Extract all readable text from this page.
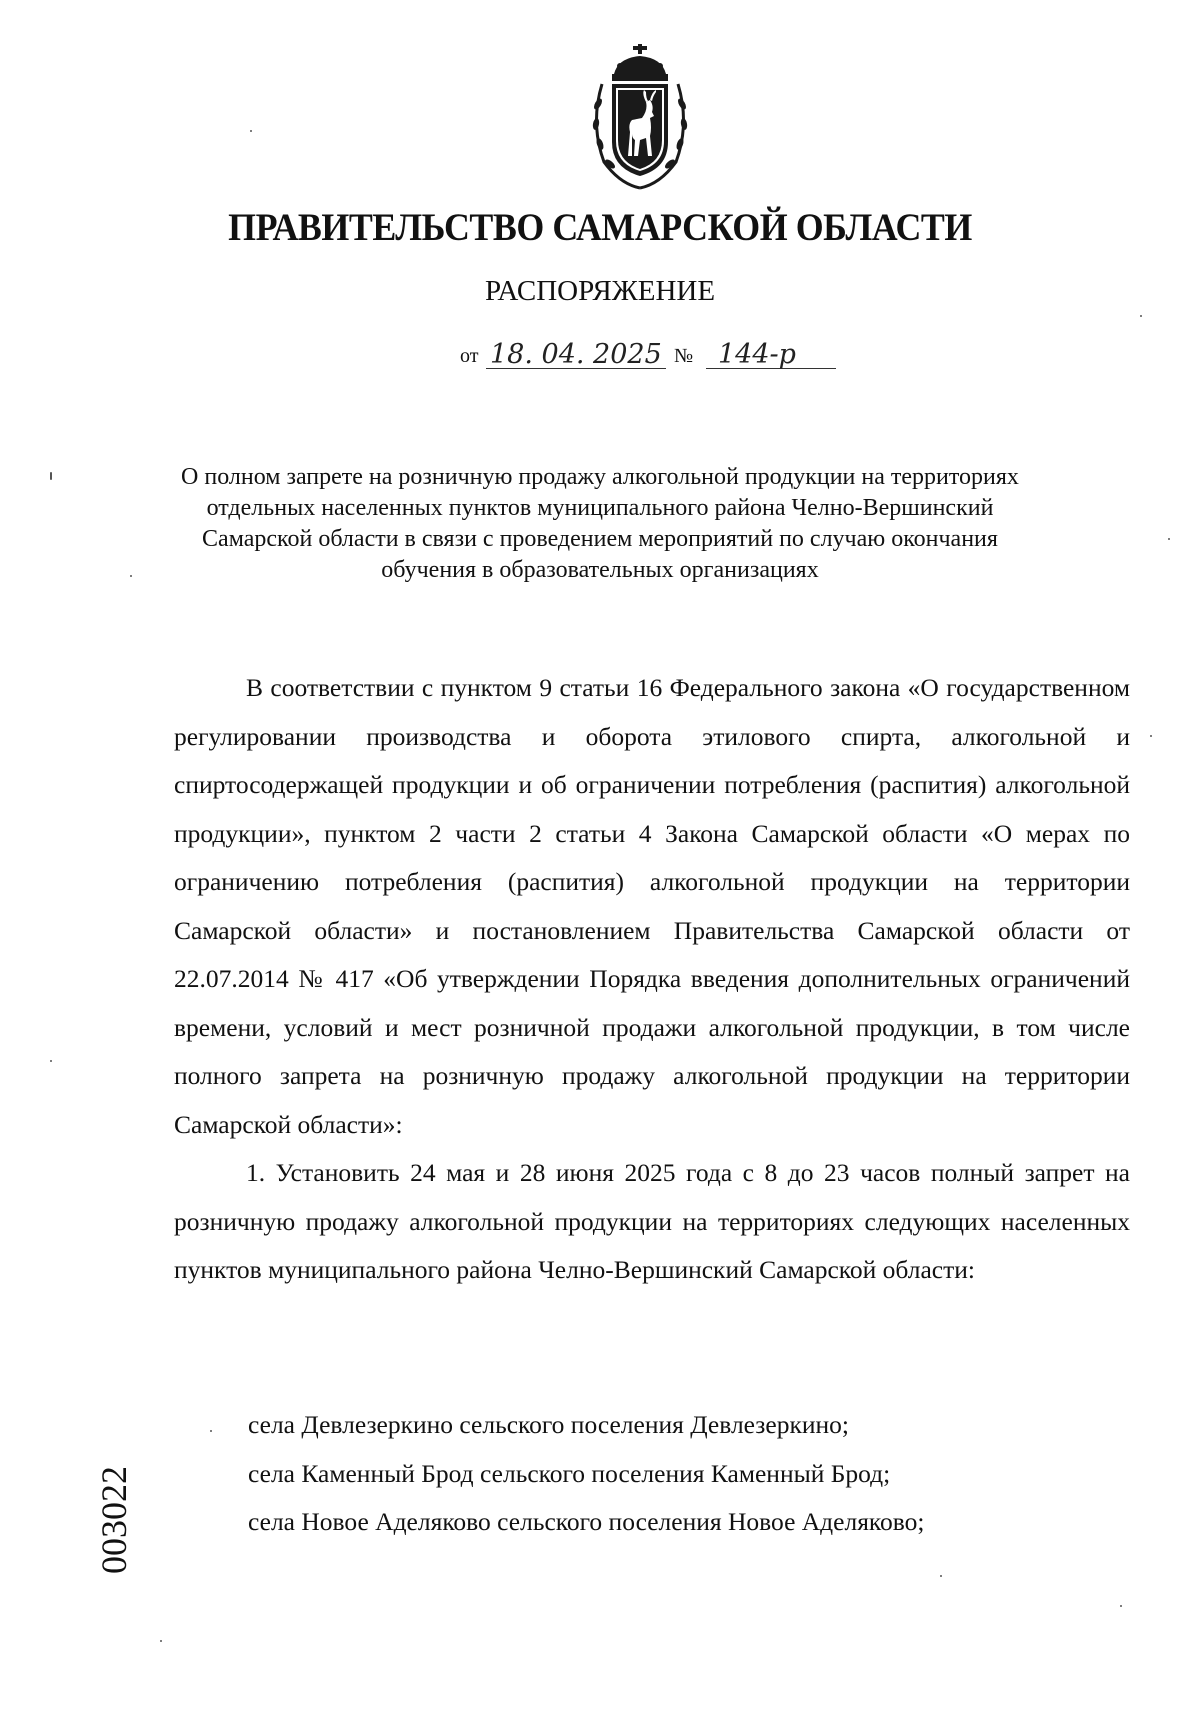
ПРАВИТЕЛЬСТВО САМАРСКОЙ ОБЛАСТИ
РАСПОРЯЖЕНИЕ
от 18. 04. 2025 № 144-р
О полном запрете на розничную продажу алкогольной продукции на территориях отдельных населенных пунктов муниципального района Челно-Вершинский Самарской области в связи с проведением мероприятий по случаю окончания обучения в образовательных организациях

В соответствии с пунктом 9 статьи 16 Федерального закона «О государственном регулировании производства и оборота этилового спирта, алкогольной и спиртосодержащей продукции и об ограничении потребления (распития) алкогольной продукции», пунктом 2 части 2 статьи 4 Закона Самарской области «О мерах по ограничению потребления (распития) алкогольной продукции на территории Самарской области» и постановлением Правительства Самарской области от 22.07.2014 № 417 «Об утверждении Порядка введения дополнительных ограничений времени, условий и мест розничной продажи алкогольной продукции, в том числе полного запрета на розничную продажу алкогольной продукции на территории Самарской области»:

1. Установить 24 мая и 28 июня 2025 года с 8 до 23 часов полный запрет на розничную продажу алкогольной продукции на территориях следующих населенных пунктов муниципального района Челно-Вершинский Самарской области:

села Девлезеркино сельского поселения Девлезеркино;
села Каменный Брод сельского поселения Каменный Брод;
села Новое Аделяково сельского поселения Новое Аделяково;
003022
